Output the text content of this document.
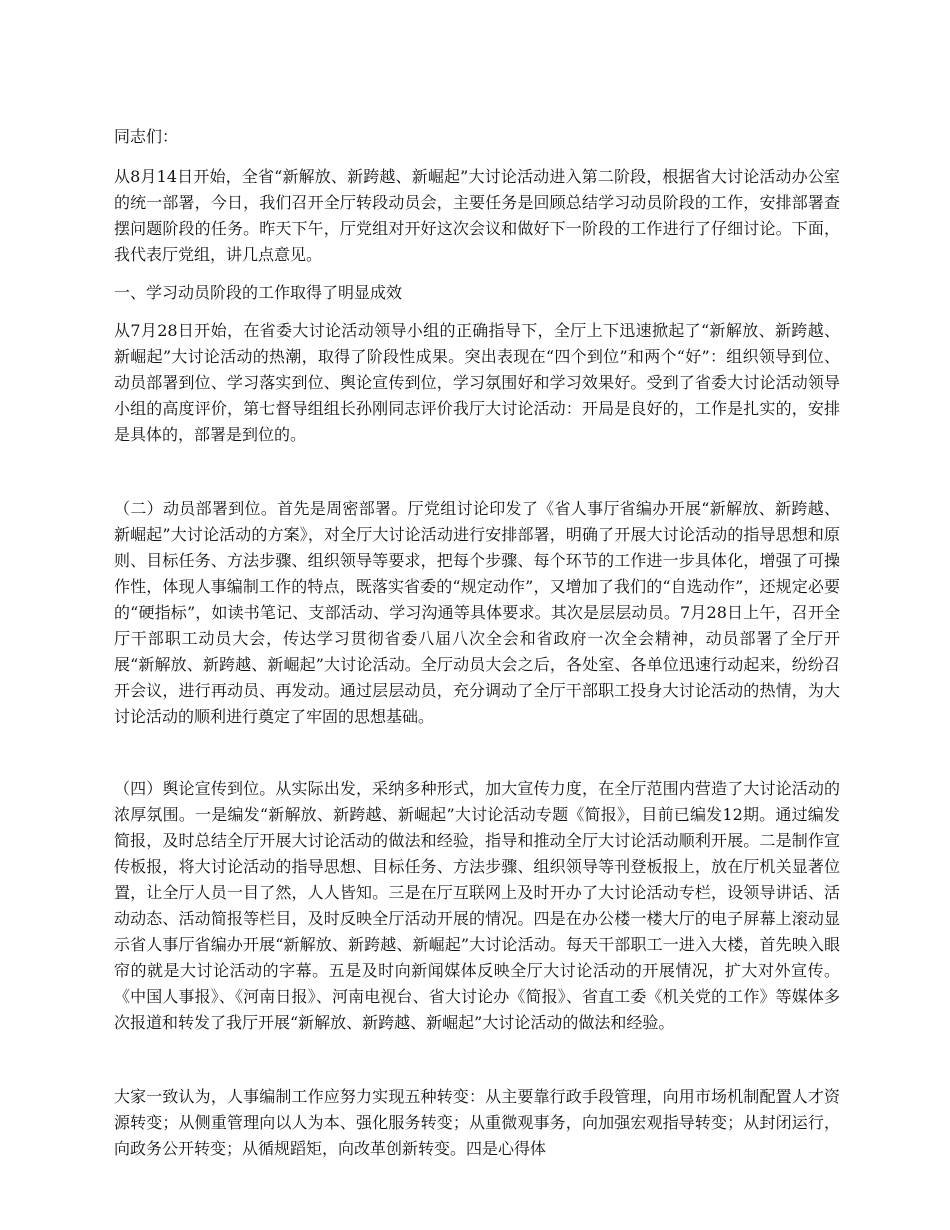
同志们：

从8月14日开始，全省“新解放、新跨越、新崛起”大讨论活动进入第二阶段，根据省大讨论活动办公室的统一部署，今日，我们召开全厅转段动员会，主要任务是回顾总结学习动员阶段的工作，安排部署查摆问题阶段的任务。昨天下午，厅党组对开好这次会议和做好下一阶段的工作进行了仔细讨论。下面，我代表厅党组，讲几点意见。

一、学习动员阶段的工作取得了明显成效

从7月28日开始，在省委大讨论活动领导小组的正确指导下，全厅上下迅速掀起了“新解放、新跨越、新崛起”大讨论活动的热潮，取得了阶段性成果。突出表现在“四个到位”和两个“好”：组织领导到位、动员部署到位、学习落实到位、舆论宣传到位，学习氛围好和学习效果好。受到了省委大讨论活动领导小组的高度评价，第七督导组组长孙刚同志评价我厅大讨论活动：开局是良好的，工作是扎实的，安排是具体的，部署是到位的。

（二）动员部署到位。首先是周密部署。厅党组讨论印发了《省人事厅省编办开展“新解放、新跨越、新崛起”大讨论活动的方案》，对全厅大讨论活动进行安排部署，明确了开展大讨论活动的指导思想和原则、目标任务、方法步骤、组织领导等要求，把每个步骤、每个环节的工作进一步具体化，增强了可操作性，体现人事编制工作的特点，既落实省委的“规定动作”，又增加了我们的“自选动作”，还规定必要的“硬指标”，如读书笔记、支部活动、学习沟通等具体要求。其次是层层动员。7月28日上午，召开全厅干部职工动员大会，传达学习贯彻省委八届八次全会和省政府一次全会精神，动员部署了全厅开展“新解放、新跨越、新崛起”大讨论活动。全厅动员大会之后，各处室、各单位迅速行动起来，纷纷召开会议，进行再动员、再发动。通过层层动员，充分调动了全厅干部职工投身大讨论活动的热情，为大讨论活动的顺利进行奠定了牢固的思想基础。

（四）舆论宣传到位。从实际出发，采纳多种形式，加大宣传力度，在全厅范围内营造了大讨论活动的浓厚氛围。一是编发“新解放、新跨越、新崛起”大讨论活动专题《简报》，目前已编发12期。通过编发简报，及时总结全厅开展大讨论活动的做法和经验，指导和推动全厅大讨论活动顺利开展。二是制作宣传板报，将大讨论活动的指导思想、目标任务、方法步骤、组织领导等刊登板报上，放在厅机关显著位置，让全厅人员一目了然，人人皆知。三是在厅互联网上及时开办了大讨论活动专栏，设领导讲话、活动动态、活动简报等栏目，及时反映全厅活动开展的情况。四是在办公楼一楼大厅的电子屏幕上滚动显示省人事厅省编办开展“新解放、新跨越、新崛起”大讨论活动。每天干部职工一进入大楼，首先映入眼帘的就是大讨论活动的字幕。五是及时向新闻媒体反映全厅大讨论活动的开展情况，扩大对外宣传。《中国人事报》、《河南日报》、河南电视台、省大讨论办《简报》、省直工委《机关党的工作》等媒体多次报道和转发了我厅开展“新解放、新跨越、新崛起”大讨论活动的做法和经验。

大家一致认为，人事编制工作应努力实现五种转变：从主要靠行政手段管理，向用市场机制配置人才资源转变；从侧重管理向以人为本、强化服务转变；从重微观事务，向加强宏观指导转变；从封闭运行，向政务公开转变；从循规蹈矩，向改革创新转变。四是心得体
